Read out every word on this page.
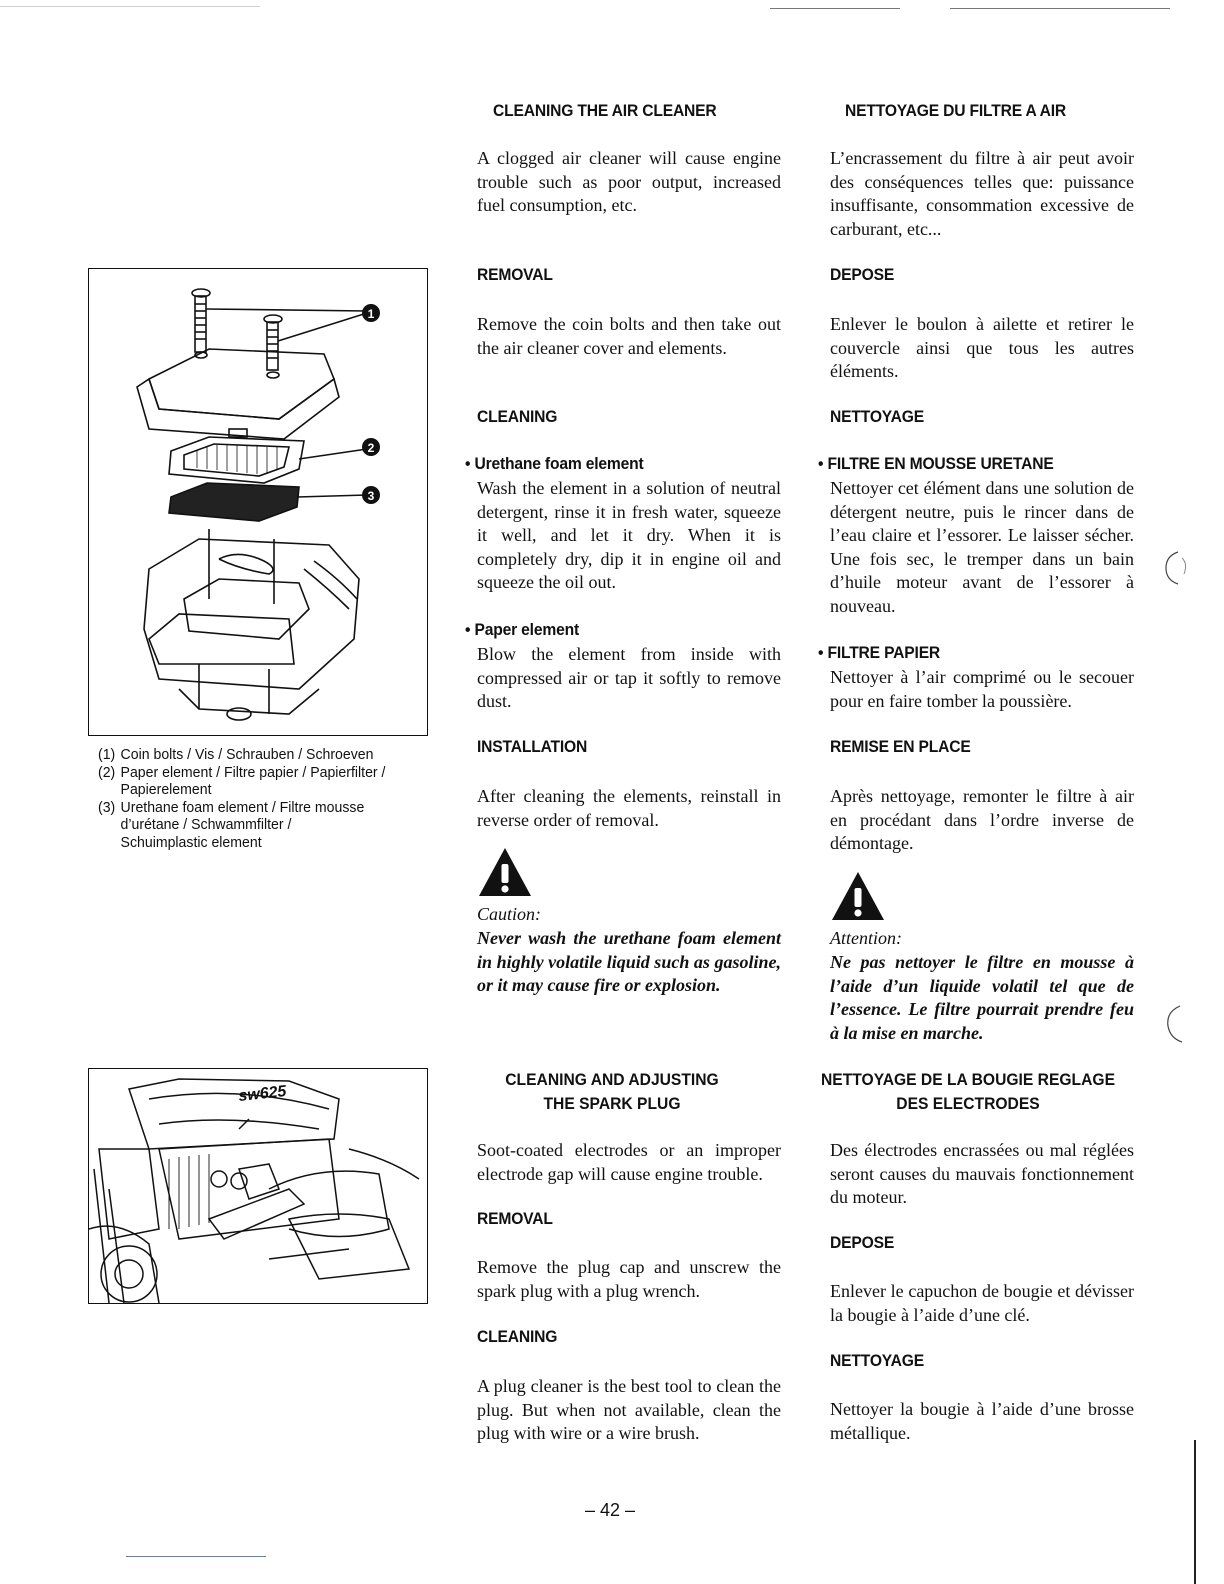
1
2
3
(1) Coin bolts / Vis / Schrauben / Schroeven
(2) Paper element / Filtre papier / Papierfilter /
Papierelement
(3) Urethane foam element / Filtre mousse
d’urétane / Schwammfilter /
Schuimplastic element
sw625
CLEANING THE AIR CLEANER
A clogged air cleaner will cause engine trouble such as poor output, increased fuel consumption, etc.
REMOVAL
Remove the coin bolts and then take out the air cleaner cover and elements.
CLEANING
• Urethane foam element
Wash the element in a solution of neutral detergent, rinse it in fresh water, squeeze it well, and let it dry. When it is completely dry, dip it in engine oil and squeeze the oil out.
• Paper element
Blow the element from inside with compressed air or tap it softly to remove dust.
INSTALLATION
After cleaning the elements, reinstall in reverse order of removal.
Caution:
Never wash the urethane foam element in highly volatile liquid such as gasoline, or it may cause fire or explosion.
CLEANING AND ADJUSTING
THE SPARK PLUG
Soot-coated electrodes or an improper electrode gap will cause engine trouble.
REMOVAL
Remove the plug cap and unscrew the spark plug with a plug wrench.
CLEANING
A plug cleaner is the best tool to clean the plug. But when not available, clean the plug with wire or a wire brush.
NETTOYAGE DU FILTRE A AIR
L’encrassement du filtre à air peut avoir des conséquences telles que: puissance insuffisante, consommation excessive de carburant, etc...
DEPOSE
Enlever le boulon à ailette et retirer le couvercle ainsi que tous les autres éléments.
NETTOYAGE
• FILTRE EN MOUSSE URETANE
Nettoyer cet élément dans une solution de détergent neutre, puis le rincer dans de l’eau claire et l’essorer. Le laisser sécher. Une fois sec, le tremper dans un bain d’huile moteur avant de l’essorer à nouveau.
• FILTRE PAPIER
Nettoyer à l’air comprimé ou le secouer pour en faire tomber la poussière.
REMISE EN PLACE
Après nettoyage, remonter le filtre à air en procédant dans l’ordre inverse de démontage.
Attention:
Ne pas nettoyer le filtre en mousse à l’aide d’un liquide volatil tel que de l’essence. Le filtre pourrait prendre feu à la mise en marche.
NETTOYAGE DE LA BOUGIE REGLAGE
DES ELECTRODES
Des électrodes encrassées ou mal réglées seront causes du mauvais fonctionnement du moteur.
DEPOSE
Enlever le capuchon de bougie et dévisser la bougie à l’aide d’une clé.
NETTOYAGE
Nettoyer la bougie à l’aide d’une brosse métallique.
– 42 –
